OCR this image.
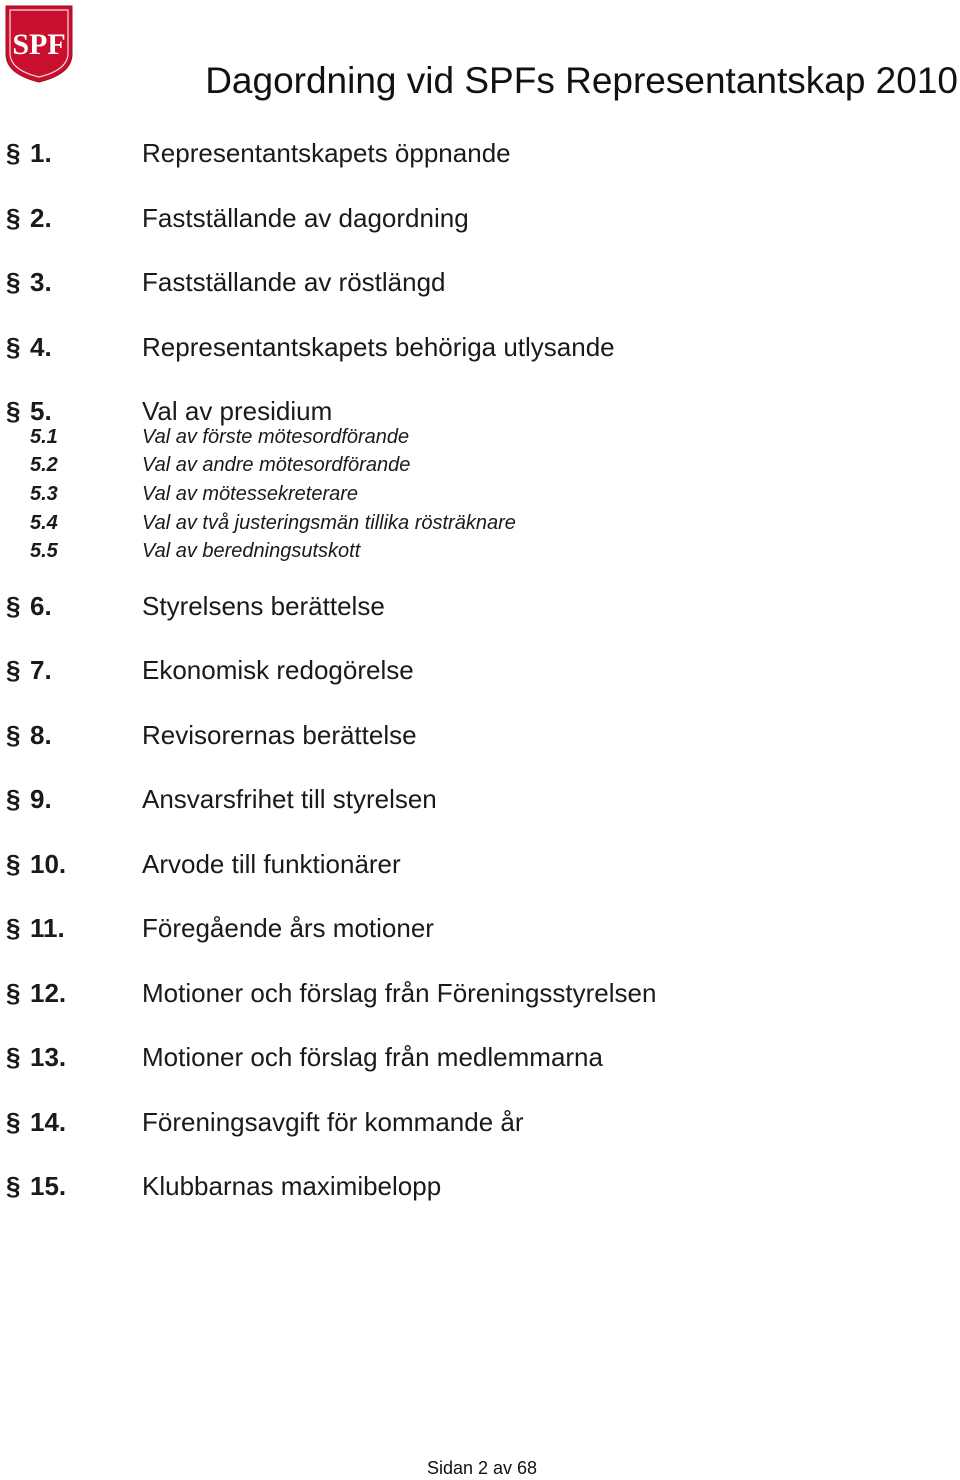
SPF
Dagordning vid SPFs Representantskap 2010
§ 1.	Representantskapets öppnande
§ 2.	Fastställande av dagordning
§ 3.	Fastställande av röstlängd
§ 4.	Representantskapets behöriga utlysande
§ 5.	Val av presidium
5.1	Val av förste mötesordförande
5.2	Val av andre mötesordförande
5.3	Val av mötessekreterare
5.4	Val av två justeringsmän tillika rösträknare
5.5	Val av beredningsutskott
§ 6.	Styrelsens berättelse
§ 7.	Ekonomisk redogörelse
§ 8.	Revisorernas berättelse
§ 9.	Ansvarsfrihet till styrelsen
§ 10.	Arvode till funktionärer
§ 11.	Föregående års motioner
§ 12.	Motioner och förslag från Föreningsstyrelsen
§ 13.	Motioner och förslag från medlemmarna
§ 14.	Föreningsavgift för kommande år
§ 15.	Klubbarnas maximibelopp
Sidan 2 av 68
